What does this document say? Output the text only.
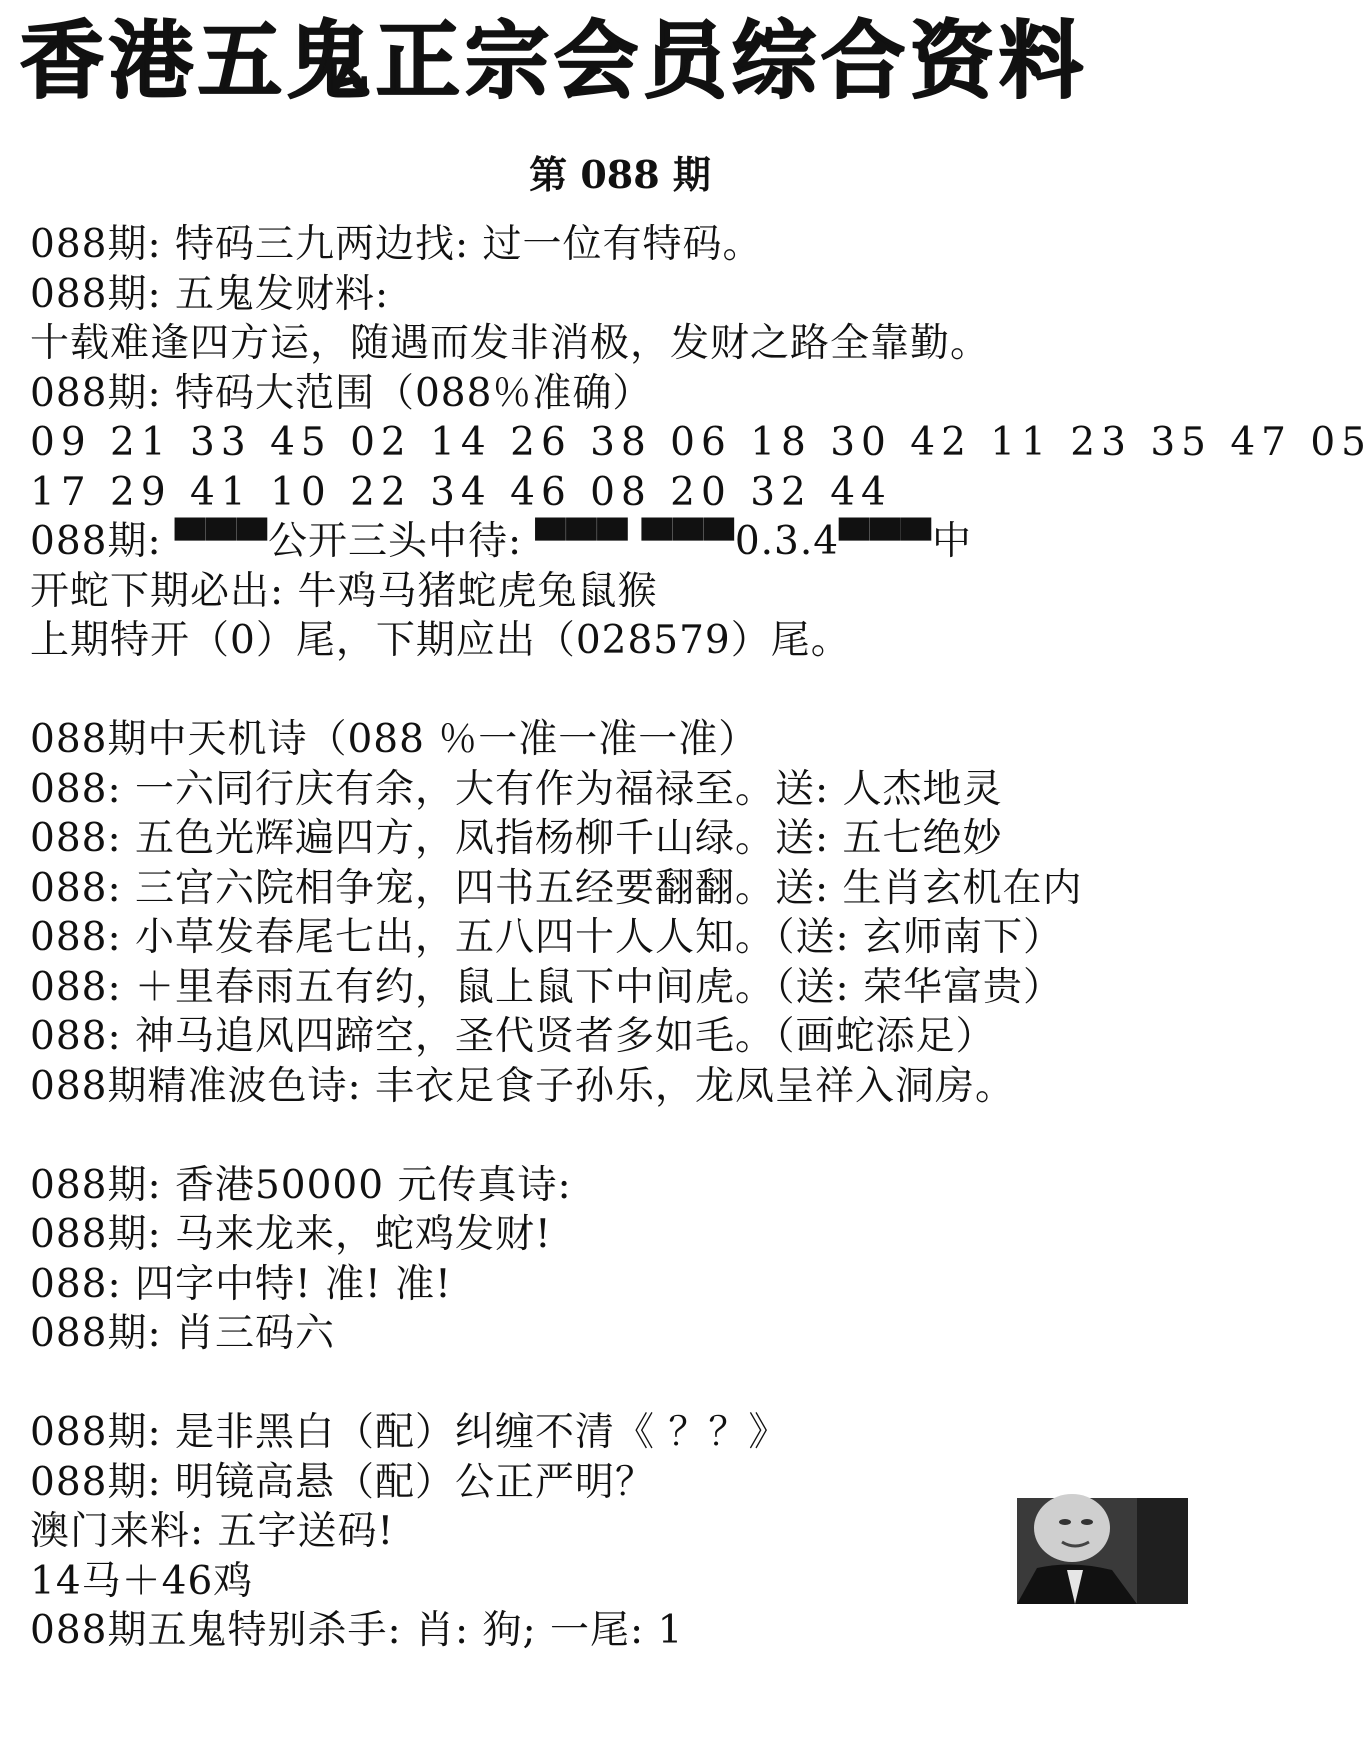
香港五鬼正宗会员综合资料
第 088 期
088期: 特码三九两边找: 过一位有特码。
088期: 五鬼发财料:
十载难逢四方运，随遇而发非消极，发财之路全靠勤。
088期: 特码大范围（088％准确）
09 21 33 45 02 14 26 38 06 18 30 42 11 23 35 47 05
17 29 41 10 22 34 46 08 20 32 44
088期: ▀▀▀公开三头中待: ▀▀▀ ▀▀▀0.3.4▀▀▀中
开蛇下期必出: 牛鸡马猪蛇虎兔鼠猴
上期特开（0）尾，下期应出（028579）尾。
088期中天机诗（088 ％一准一准一准）
088: 一六同行庆有余，大有作为福禄至。送: 人杰地灵
088: 五色光辉遍四方，凤指杨柳千山绿。送: 五七绝妙
088: 三宫六院相争宠，四书五经要翻翻。送: 生肖玄机在内
088: 小草发春尾七出，五八四十人人知。（送: 玄师南下）
088: ＋里春雨五有约，鼠上鼠下中间虎。（送: 荣华富贵）
088: 神马追风四蹄空，圣代贤者多如毛。（画蛇添足）
088期精准波色诗: 丰衣足食子孙乐，龙凤呈祥入洞房。
088期: 香港50000 元传真诗:
088期: 马来龙来，蛇鸡发财!
088: 四字中特! 准! 准!
088期: 肖三码六
088期: 是非黑白（配）纠缠不清《 ？？》
088期: 明镜高悬（配）公正严明？
澳门来料: 五字送码!
14马＋46鸡
088期五鬼特别杀手: 肖: 狗; 一尾: 1
